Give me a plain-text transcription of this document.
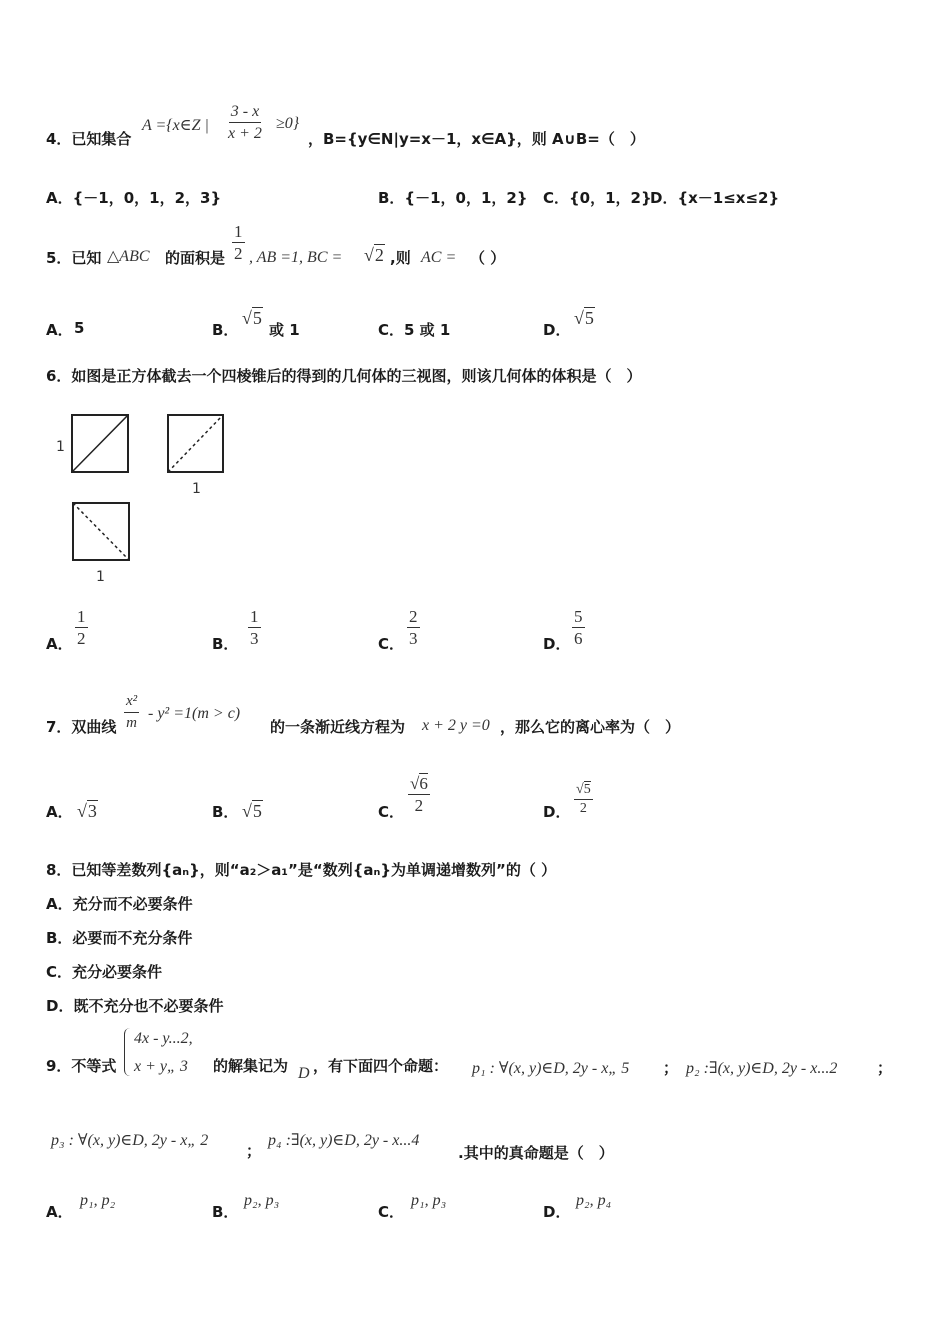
4．已知集合
A ={x∈Z | $\frac{3 - x}{x + 2} \ge 0$}
，B={y∈N|y=x－1，x∈A}，则 A∪B=（　）
A．{－1，0，1，2，3}	B．{－1，0，1，2} C．{0，1，2}
D．{x－1≤x≤2}
5．已知 △ABC 的面积是 $\frac{1}{2}$ , AB =1, BC = √2 ,则 AC = （ ）
A． 5	B．
√5
或 1	C．5 或 1	D．
√5
6．如图是正方体截去一个四棱锥后的得到的几何体的三视图，则该几何体的体积是（　）
1
1
1
A． $\frac{1}{2}$	B． $\frac{1}{3}$	C． $\frac{2}{3}$	D． $\frac{5}{6}$
7．双曲线 $\frac{\text{x²}}{m} - y^2 =1(m > c)$
的一条渐近线方程为 x + 2 y =0 ，那么它的离心率为（　）
A． √3	B． √5	C． $\frac{√6}{2}$	D． $\frac{√5}{2}$
8．已知等差数列{aₙ}，则“a₂＞a₁”是“数列{aₙ}为单调递增数列”的（ ）
A．充分而不必要条件
B．必要而不充分条件
C．充分必要条件
D．既不充分也不必要条件
9．不等式
4x - y...2,
x + y„ 3 的解集记为 D ，有下面四个命题： p₁ : ∀(x, y)∈D, 2y - x„ 5 ； p₂ :∃(x, y)∈D, 2y - x...2	；
p₃ : ∀(x, y)∈D, 2y - x„ 2
；
p₄ :∃(x, y)∈D, 2y - x...4
.其中的真命题是（　）
A．
p₁, p₂
B．
p₂, p₃
C．
p₁, p₃
D．
p₂, p₄
